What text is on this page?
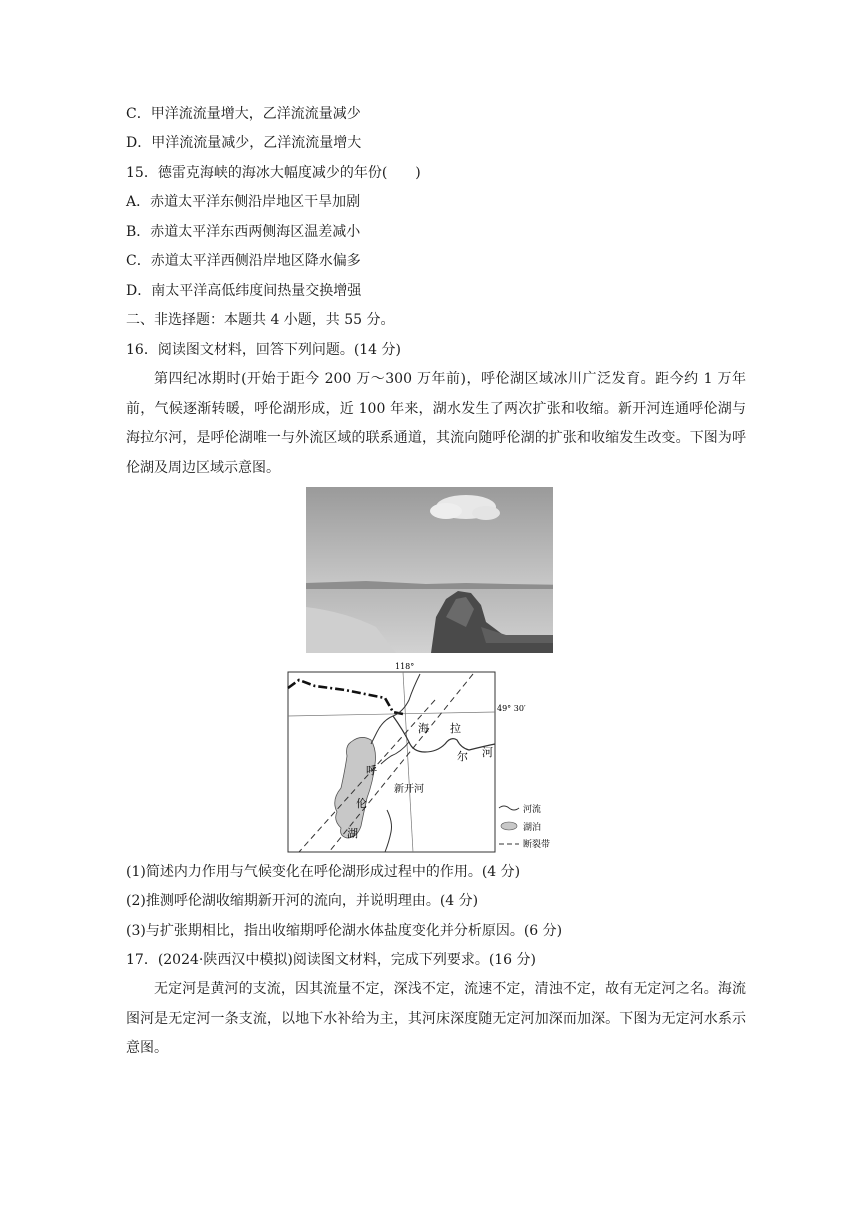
C．甲洋流流量增大，乙洋流流量减少
D．甲洋流流量减少，乙洋流流量增大
15．德雷克海峡的海冰大幅度减少的年份(　　)
A．赤道太平洋东侧沿岸地区干旱加剧
B．赤道太平洋东西两侧海区温差减小
C．赤道太平洋西侧沿岸地区降水偏多
D．南太平洋高低纬度间热量交换增强
二、非选择题：本题共 4 小题，共 55 分。
16．阅读图文材料，回答下列问题。(14 分)
第四纪冰期时(开始于距今 200 万～300 万年前)，呼伦湖区域冰川广泛发育。距今约 1 万年前，气候逐渐转暖，呼伦湖形成，近 100 年来，湖水发生了两次扩张和收缩。新开河连通呼伦湖与海拉尔河，是呼伦湖唯一与外流区域的联系通道，其流向随呼伦湖的扩张和收缩发生改变。下图为呼伦湖及周边区域示意图。
118°
49° 30′
海 拉
尔 河
新开河
呼
伦
湖
河流
湖泊
断裂带
(1)简述内力作用与气候变化在呼伦湖形成过程中的作用。(4 分)
(2)推测呼伦湖收缩期新开河的流向，并说明理由。(4 分)
(3)与扩张期相比，指出收缩期呼伦湖水体盐度变化并分析原因。(6 分)
17．(2024·陕西汉中模拟)阅读图文材料，完成下列要求。(16 分)
无定河是黄河的支流，因其流量不定，深浅不定，流速不定，清浊不定，故有无定河之名。海流图河是无定河一条支流，以地下水补给为主，其河床深度随无定河加深而加深。下图为无定河水系示意图。
